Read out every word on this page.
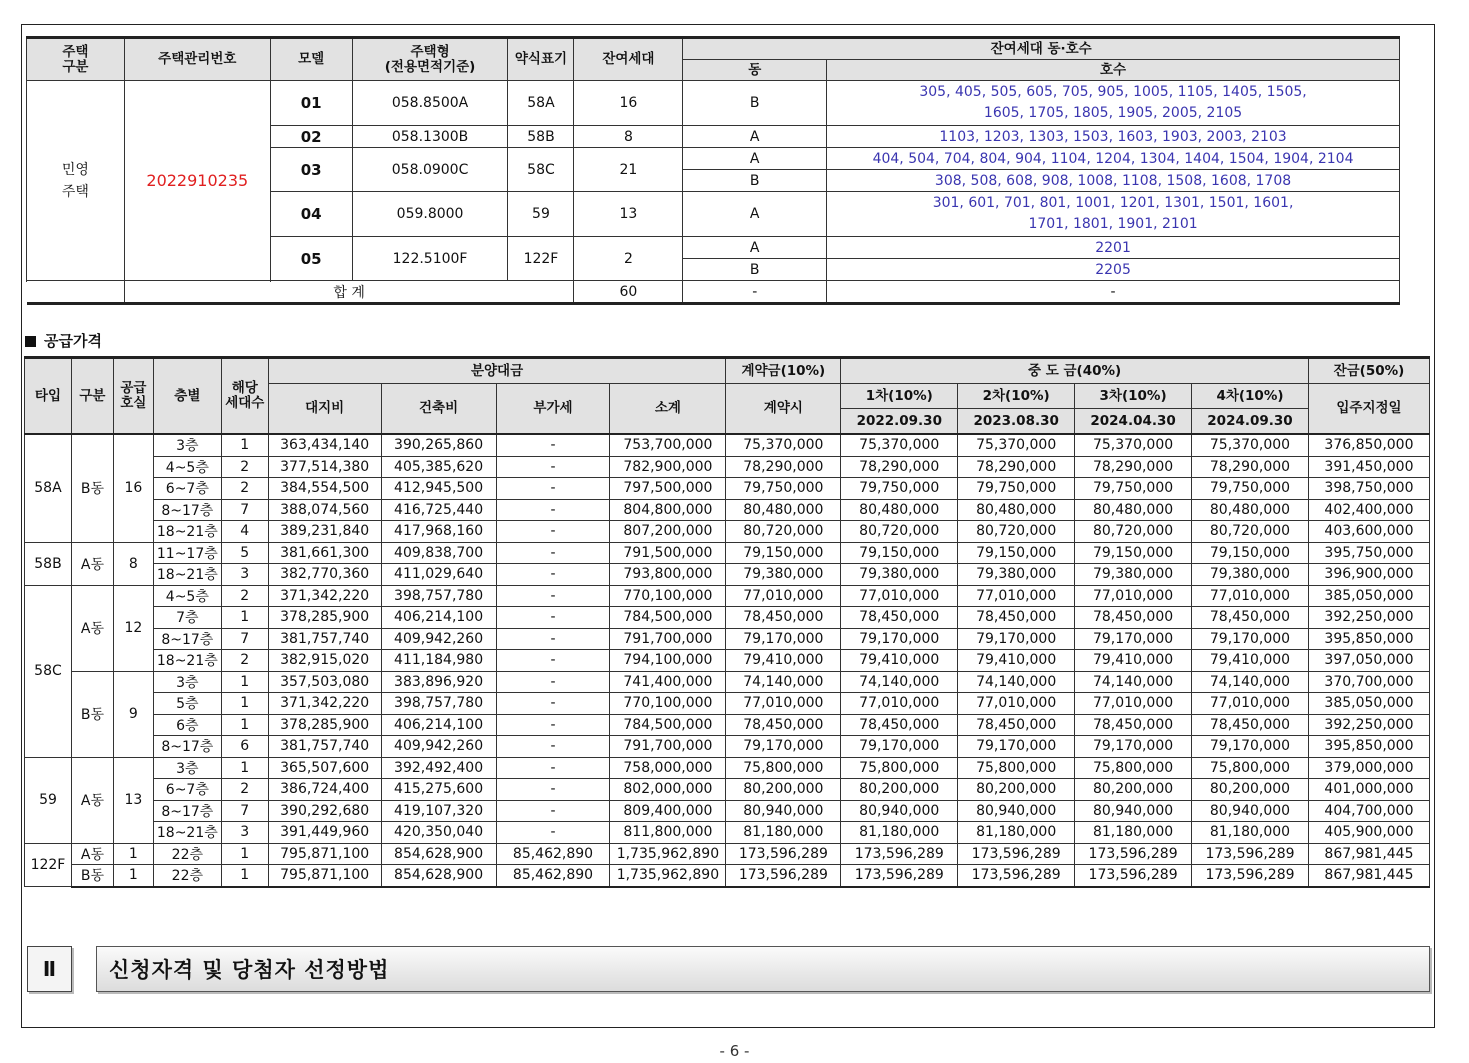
주택
구분	주택관리번호	모델	주택형
(전용면적기준)	약식표기	잔여세대	잔여세대 동·호수	
						동	호수
민영
주택	2022910235	01	058.8500A	58A	16	B	305, 405, 505, 605, 705, 905, 1005, 1105, 1405, 1505,
1605, 1705, 1805, 1905, 2005, 2105
		02	058.1300B	58B	8	A	1103, 1203, 1303, 1503, 1603, 1903, 2003, 2103
		03	058.0900C	58C	21	A	404, 504, 704, 804, 904, 1104, 1204, 1304, 1404, 1504, 1904, 2104
						B	308, 508, 608, 908, 1008, 1108, 1508, 1608, 1708
		04	059.8000	59	13	A	301, 601, 701, 801, 1001, 1201, 1301, 1501, 1601,
1701, 1801, 1901, 2101
		05	122.5100F	122F	2	A	2201
						B	2205

	합 계				60	-	-
공급가격
타입	구분	공급
호실	층별	해당
세대수	분양대금				계약금(10%)	중 도 금(40%)				잔금(50%)
					대지비	건축비	부가세	소계	계약시	1차(10%)	2차(10%)	3차(10%)	4차(10%)	입주지정일
										2022.09.30	2023.08.30	2024.04.30	2024.09.30	
58A	B동	16	3층	1	363,434,140	390,265,860	-	753,700,000	75,370,000	75,370,000	75,370,000	75,370,000	75,370,000	376,850,000
			4~5층	2	377,514,380	405,385,620	-	782,900,000	78,290,000	78,290,000	78,290,000	78,290,000	78,290,000	391,450,000
			6~7층	2	384,554,500	412,945,500	-	797,500,000	79,750,000	79,750,000	79,750,000	79,750,000	79,750,000	398,750,000
			8~17층	7	388,074,560	416,725,440	-	804,800,000	80,480,000	80,480,000	80,480,000	80,480,000	80,480,000	402,400,000
			18~21층	4	389,231,840	417,968,160	-	807,200,000	80,720,000	80,720,000	80,720,000	80,720,000	80,720,000	403,600,000
58B	A동	8	11~17층	5	381,661,300	409,838,700	-	791,500,000	79,150,000	79,150,000	79,150,000	79,150,000	79,150,000	395,750,000
			18~21층	3	382,770,360	411,029,640	-	793,800,000	79,380,000	79,380,000	79,380,000	79,380,000	79,380,000	396,900,000
58C	A동	12	4~5층	2	371,342,220	398,757,780	-	770,100,000	77,010,000	77,010,000	77,010,000	77,010,000	77,010,000	385,050,000
			7층	1	378,285,900	406,214,100	-	784,500,000	78,450,000	78,450,000	78,450,000	78,450,000	78,450,000	392,250,000
			8~17층	7	381,757,740	409,942,260	-	791,700,000	79,170,000	79,170,000	79,170,000	79,170,000	79,170,000	395,850,000
			18~21층	2	382,915,020	411,184,980	-	794,100,000	79,410,000	79,410,000	79,410,000	79,410,000	79,410,000	397,050,000
	B동	9	3층	1	357,503,080	383,896,920	-	741,400,000	74,140,000	74,140,000	74,140,000	74,140,000	74,140,000	370,700,000
			5층	1	371,342,220	398,757,780	-	770,100,000	77,010,000	77,010,000	77,010,000	77,010,000	77,010,000	385,050,000
			6층	1	378,285,900	406,214,100	-	784,500,000	78,450,000	78,450,000	78,450,000	78,450,000	78,450,000	392,250,000
			8~17층	6	381,757,740	409,942,260	-	791,700,000	79,170,000	79,170,000	79,170,000	79,170,000	79,170,000	395,850,000
59	A동	13	3층	1	365,507,600	392,492,400	-	758,000,000	75,800,000	75,800,000	75,800,000	75,800,000	75,800,000	379,000,000
			6~7층	2	386,724,400	415,275,600	-	802,000,000	80,200,000	80,200,000	80,200,000	80,200,000	80,200,000	401,000,000
			8~17층	7	390,292,680	419,107,320	-	809,400,000	80,940,000	80,940,000	80,940,000	80,940,000	80,940,000	404,700,000
			18~21층	3	391,449,960	420,350,040	-	811,800,000	81,180,000	81,180,000	81,180,000	81,180,000	81,180,000	405,900,000
122F	A동	1	22층	1	795,871,100	854,628,900	85,462,890	1,735,962,890	173,596,289	173,596,289	173,596,289	173,596,289	173,596,289	867,981,445
	B동	1	22층	1	795,871,100	854,628,900	85,462,890	1,735,962,890	173,596,289	173,596,289	173,596,289	173,596,289	173,596,289	867,981,445
Ⅱ	신청자격 및 당첨자 선정방법
- 6 -
